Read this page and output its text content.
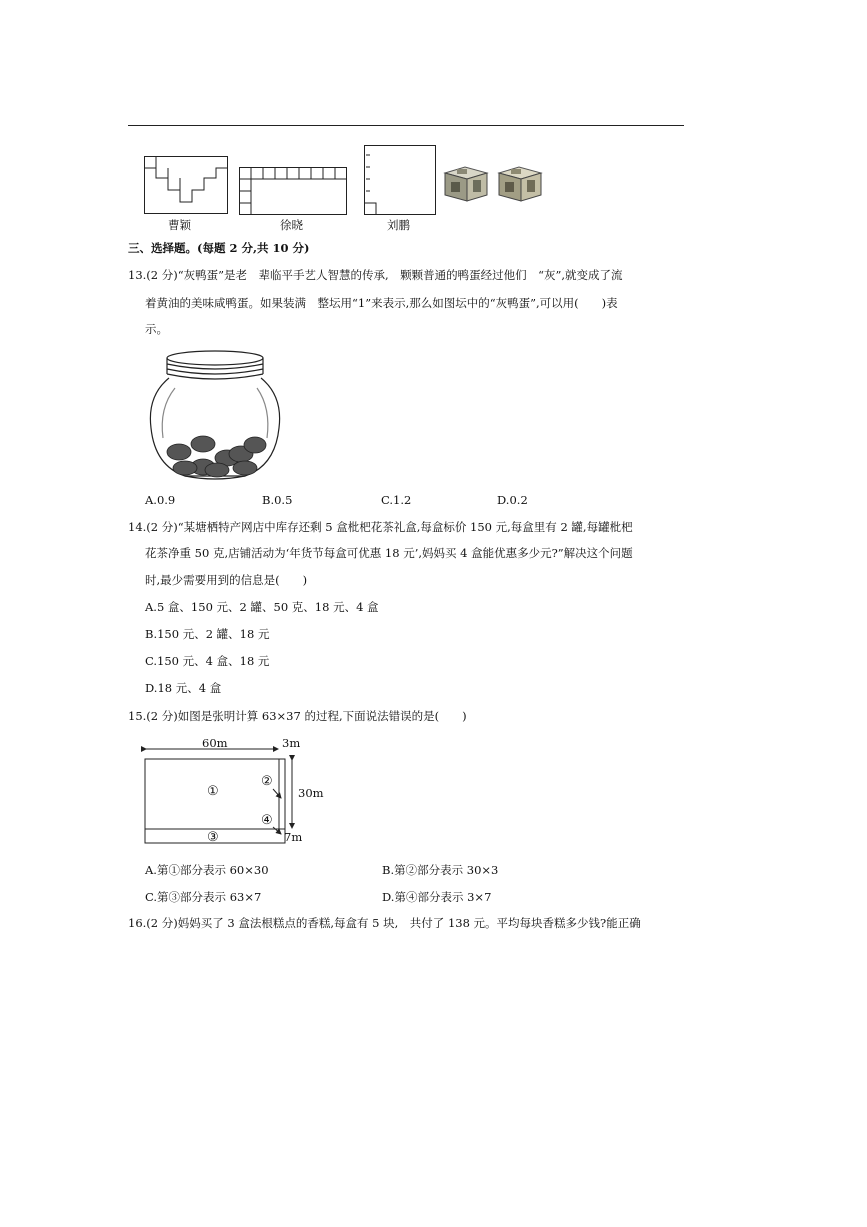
曹颖	徐晓	刘鹏
三、选择题。(每题 2 分,共 10 分)
13.(2 分)“灰鸭蛋”是老　辈临平手艺人智慧的传承,　颗颗普通的鸭蛋经过他们　“灰”,就变成了流
着黄油的美味咸鸭蛋。如果装满　整坛用“1”来表示,那么如图坛中的“灰鸭蛋”,可以用(　　)表
示。
A.0.9	B.0.5	C.1.2	D.0.2
14.(2 分)“某塘栖特产网店中库存还剩 5 盒枇杷花茶礼盒,每盒标价 150 元,每盒里有 2 罐,每罐枇杷
花茶净重 50 克,店铺活动为‘年货节每盒可优惠 18 元’,妈妈买 4 盒能优惠多少元?”解决这个问题
时,最少需要用到的信息是(　　)
A.5 盒、150 元、2 罐、50 克、18 元、4 盒
B.150 元、2 罐、18 元
C.150 元、4 盒、18 元
D.18 元、4 盒
15.(2 分)如图是张明计算 63×37 的过程,下面说法错误的是(　　)
60m	3m
30m
7m
①
②
③
④
A.第①部分表示 60×30	B.第②部分表示 30×3
C.第③部分表示 63×7	D.第④部分表示 3×7
16.(2 分)妈妈买了 3 盒法根糕点的香糕,每盒有 5 块,　共付了 138 元。平均每块香糕多少钱?能正确
